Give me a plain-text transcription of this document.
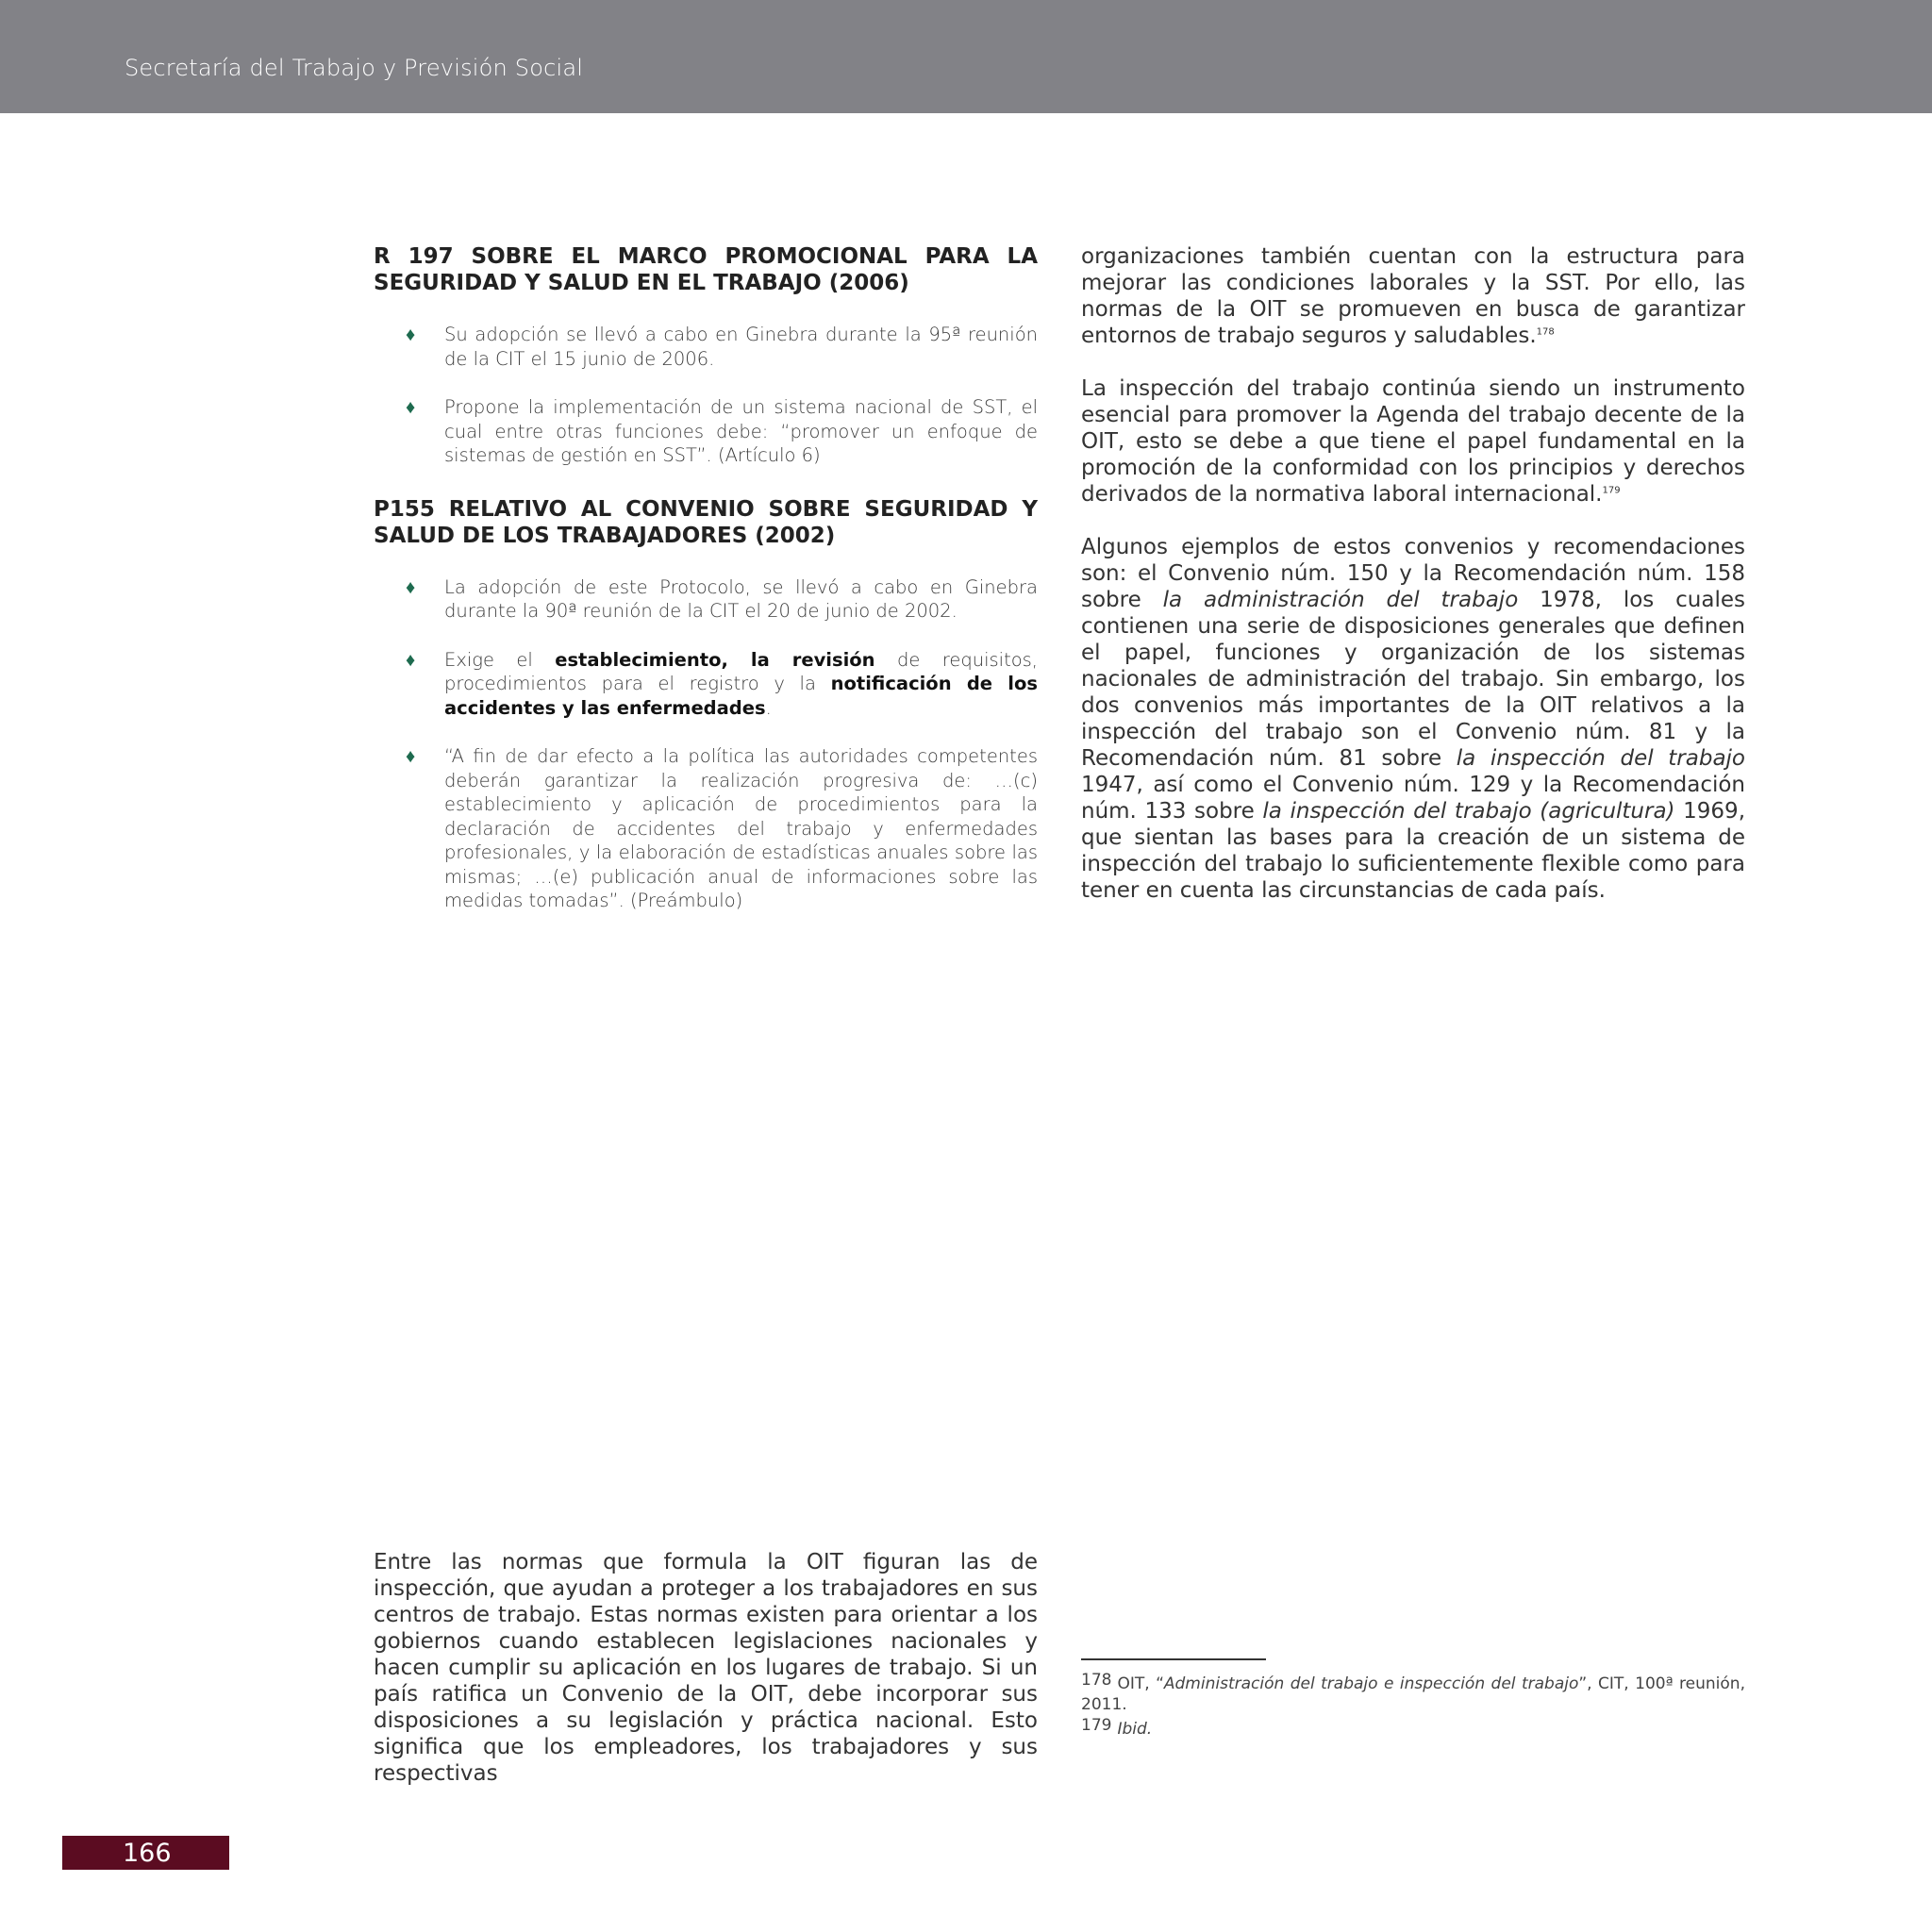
Secretaría del Trabajo y Previsión Social
R 197 SOBRE EL MARCO PROMOCIONAL PARA LA SEGURIDAD Y SALUD EN EL TRABAJO (2006)
♦ Su adopción se llevó a cabo en Ginebra durante la 95ª reunión de la CIT el 15 junio de 2006.
♦ Propone la implementación de un sistema nacional de SST, el cual entre otras funciones debe: “promover un enfoque de sistemas de gestión en SST”. (Artículo 6)
P155 RELATIVO AL CONVENIO SOBRE SEGURIDAD Y SALUD DE LOS TRABAJADORES (2002)
♦ La adopción de este Protocolo, se llevó a cabo en Ginebra durante la 90ª reunión de la CIT el 20 de junio de 2002.
♦ Exige el establecimiento, la revisión de requisitos, procedimientos para el registro y la notificación de los accidentes y las enfermedades.
♦ “A fin de dar efecto a la política las autoridades competentes deberán garantizar la realización progresiva de: …(c) establecimiento y aplicación de procedimientos para la declaración de accidentes del trabajo y enfermedades profesionales, y la elaboración de estadísticas anuales sobre las mismas; …(e) publicación anual de informaciones sobre las medidas tomadas”. (Preámbulo)

organizaciones también cuentan con la estructura para mejorar las condiciones laborales y la SST. Por ello, las normas de la OIT se promueven en busca de garantizar entornos de trabajo seguros y saludables.$^{178}$

La inspección del trabajo continúa siendo un instrumento esencial para promover la Agenda del trabajo decente de la OIT, esto se debe a que tiene el papel fundamental en la promoción de la conformidad con los principios y derechos derivados de la normativa laboral internacional.$^{179}$

Algunos ejemplos de estos convenios y recomendaciones son: el Convenio núm. 150 y la Recomendación núm. 158 sobre la administración del trabajo 1978, los cuales contienen una serie de disposiciones generales que definen el papel, funciones y organización de los sistemas nacionales de administración del trabajo. Sin embargo, los dos convenios más importantes de la OIT relativos a la inspección del trabajo son el Convenio núm. 81 y la Recomendación núm. 81 sobre la inspección del trabajo 1947, así como el Convenio núm. 129 y la Recomendación núm. 133 sobre la inspección del trabajo (agricultura) 1969, que sientan las bases para la creación de un sistema de inspección del trabajo lo suficientemente flexible como para tener en cuenta las circunstancias de cada país.

Entre las normas que formula la OIT figuran las de inspección, que ayudan a proteger a los trabajadores en sus centros de trabajo. Estas normas existen para orientar a los gobiernos cuando establecen legislaciones nacionales y hacen cumplir su aplicación en los lugares de trabajo. Si un país ratifica un Convenio de la OIT, debe incorporar sus disposiciones a su legislación y práctica nacional. Esto significa que los empleadores, los trabajadores y sus respectivas

178 OIT, “Administración del trabajo e inspección del trabajo”, CIT, 100ª reunión, 2011.

179 Ibid.

166
